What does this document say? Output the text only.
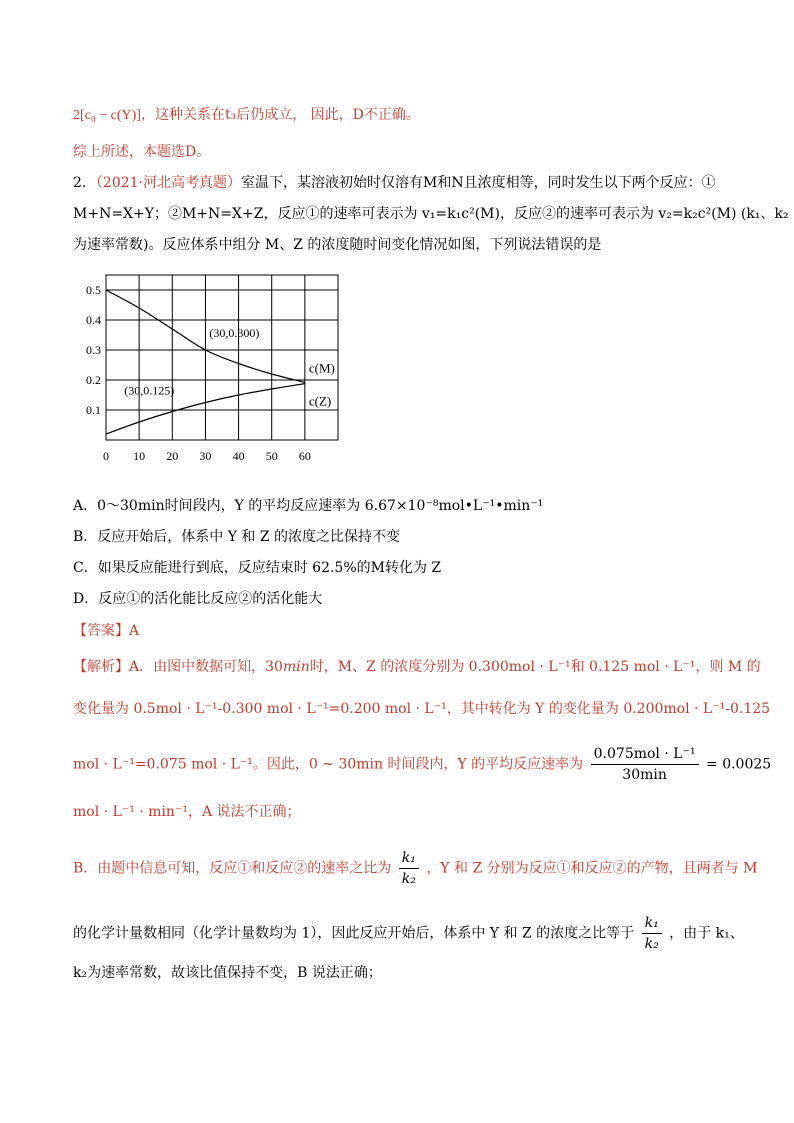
2[c₀ − c(Y)]，这种关系在t₃后仍成立， 因此，D不正确。
综上所述，本题选D。
2．（2021·河北高考真题）室温下，某溶液初始时仅溶有M和N且浓度相等，同时发生以下两个反应：①
M+N=X+Y；②M+N=X+Z，反应①的速率可表示为 v₁=k₁c²(M)，反应②的速率可表示为 v₂=k₂c²(M) (k₁、k₂
为速率常数)。反应体系中组分 M、Z 的浓度随时间变化情况如图，下列说法错误的是
0 10 20 30 40 50 60
0.1
0.2
0.3
0.4
0.5
c(M)
c(Z)
(30,0.300)
(30,0.125)
A．0～30min时间段内，Y 的平均反应速率为 6.67×10⁻⁸mol•L⁻¹•min⁻¹
B．反应开始后，体系中 Y 和 Z 的浓度之比保持不变
C．如果反应能进行到底，反应结束时 62.5%的M转化为 Z
D．反应①的活化能比反应②的活化能大
【答案】A
【解析】A．由图中数据可知，30min时，M、Z 的浓度分别为 0.300mol · L⁻¹和 0.125 mol · L⁻¹，则 M 的
变化量为 0.5mol · L⁻¹-0.300 mol · L⁻¹=0.200 mol · L⁻¹，其中转化为 Y 的变化量为 0.200mol · L⁻¹-0.125
mol · L⁻¹=0.075 mol · L⁻¹。因此，0 ~ 30min 时间段内，Y 的平均反应速率为 $\frac{\text{0.075mol · L⁻¹}}{30\min} = 0.0025$
mol · L⁻¹ · min⁻¹，A 说法不正确；
B．由题中信息可知，反应①和反应②的速率之比为 $\frac{\text{k₁}}{\text{k₂}}$ ，Y 和 Z 分别为反应①和反应②的产物，且两者与 M
的化学计量数相同（化学计量数均为 1），因此反应开始后，体系中 Y 和 Z 的浓度之比等于 $\frac{\text{k₁}}{\text{k₂}}$ ，由于 k₁、
k₂为速率常数，故该比值保持不变，B 说法正确；
